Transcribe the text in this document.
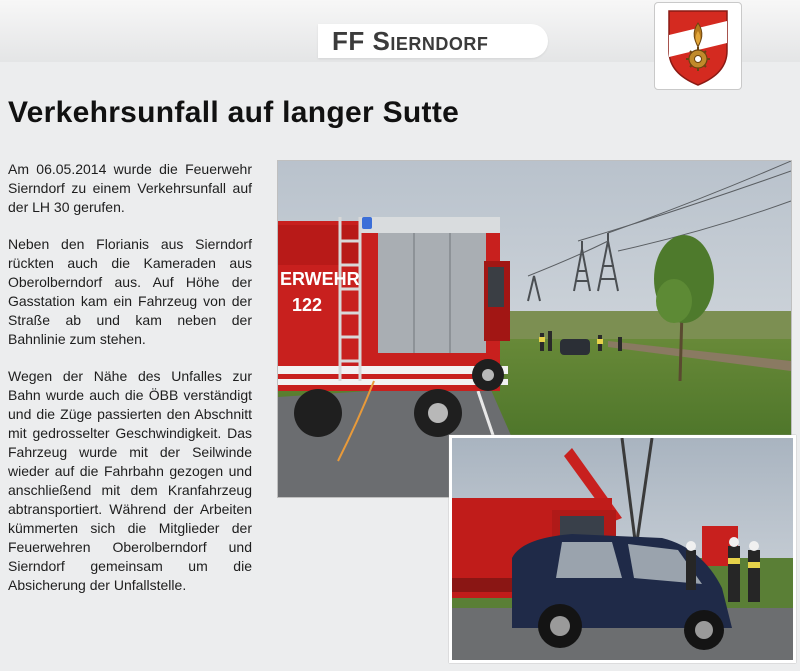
FF Sierndorf
Verkehrsunfall auf langer Sutte

Am 06.05.2014 wurde die Feuerwehr Sierndorf zu einem Verkehrsunfall auf der LH 30 gerufen.

Neben den Florianis aus Sierndorf rückten auch die Kameraden aus Oberolberndorf aus. Auf Höhe der Gasstation kam ein Fahrzeug von der Straße ab und kam neben der Bahnlinie zum stehen.

Wegen der Nähe des Unfalles zur Bahn wurde auch die ÖBB verständigt und die Züge passierten den Abschnitt mit gedrosselter Geschwindigkeit. Das Fahrzeug wurde mit der Seilwinde wieder auf die Fahrbahn gezogen und anschließend mit dem Kranfahrzeug abtransportiert. Während der Arbeiten kümmerten sich die Mitglieder der Feuerwehren Oberolberndorf und Sierndorf gemeinsam um die Absicherung der Unfallstelle.

ERWEHR
122
